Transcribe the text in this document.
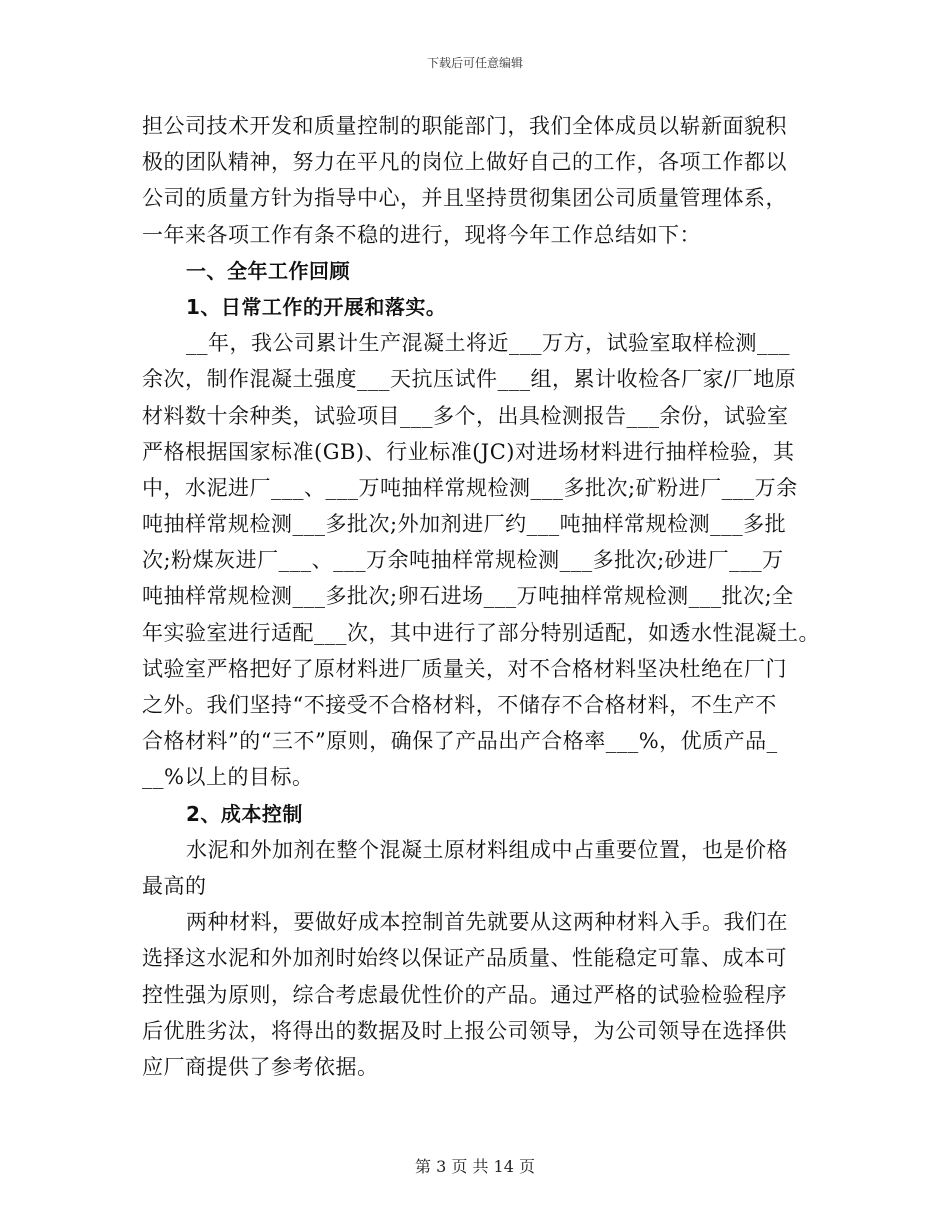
下载后可任意编辑
担公司技术开发和质量控制的职能部门，我们全体成员以崭新面貌积
极的团队精神，努力在平凡的岗位上做好自己的工作，各项工作都以
公司的质量方针为指导中心，并且坚持贯彻集团公司质量管理体系，
一年来各项工作有条不稳的进行，现将今年工作总结如下：
一、全年工作回顾
1、日常工作的开展和落实。
__年，我公司累计生产混凝土将近___万方，试验室取样检测___
余次，制作混凝土强度___天抗压试件___组，累计收检各厂家/厂地原
材料数十余种类，试验项目___多个，出具检测报告___余份，试验室
严格根据国家标准(GB)、行业标准(JC)对进场材料进行抽样检验，其
中，水泥进厂___、___万吨抽样常规检测___多批次;矿粉进厂___万余
吨抽样常规检测___多批次;外加剂进厂约___吨抽样常规检测___多批
次;粉煤灰进厂___、___万余吨抽样常规检测___多批次;砂进厂___万
吨抽样常规检测___多批次;卵石进场___万吨抽样常规检测___批次;全
年实验室进行适配___次，其中进行了部分特别适配，如透水性混凝土。
试验室严格把好了原材料进厂质量关，对不合格材料坚决杜绝在厂门
之外。我们坚持“不接受不合格材料，不储存不合格材料，不生产不
合格材料”的“三不”原则，确保了产品出产合格率___%，优质产品_
__%以上的目标。
2、成本控制
水泥和外加剂在整个混凝土原材料组成中占重要位置，也是价格
最高的
两种材料，要做好成本控制首先就要从这两种材料入手。我们在
选择这水泥和外加剂时始终以保证产品质量、性能稳定可靠、成本可
控性强为原则，综合考虑最优性价的产品。通过严格的试验检验程序
后优胜劣汰，将得出的数据及时上报公司领导，为公司领导在选择供
应厂商提供了参考依据。
第 3 页 共 14 页
